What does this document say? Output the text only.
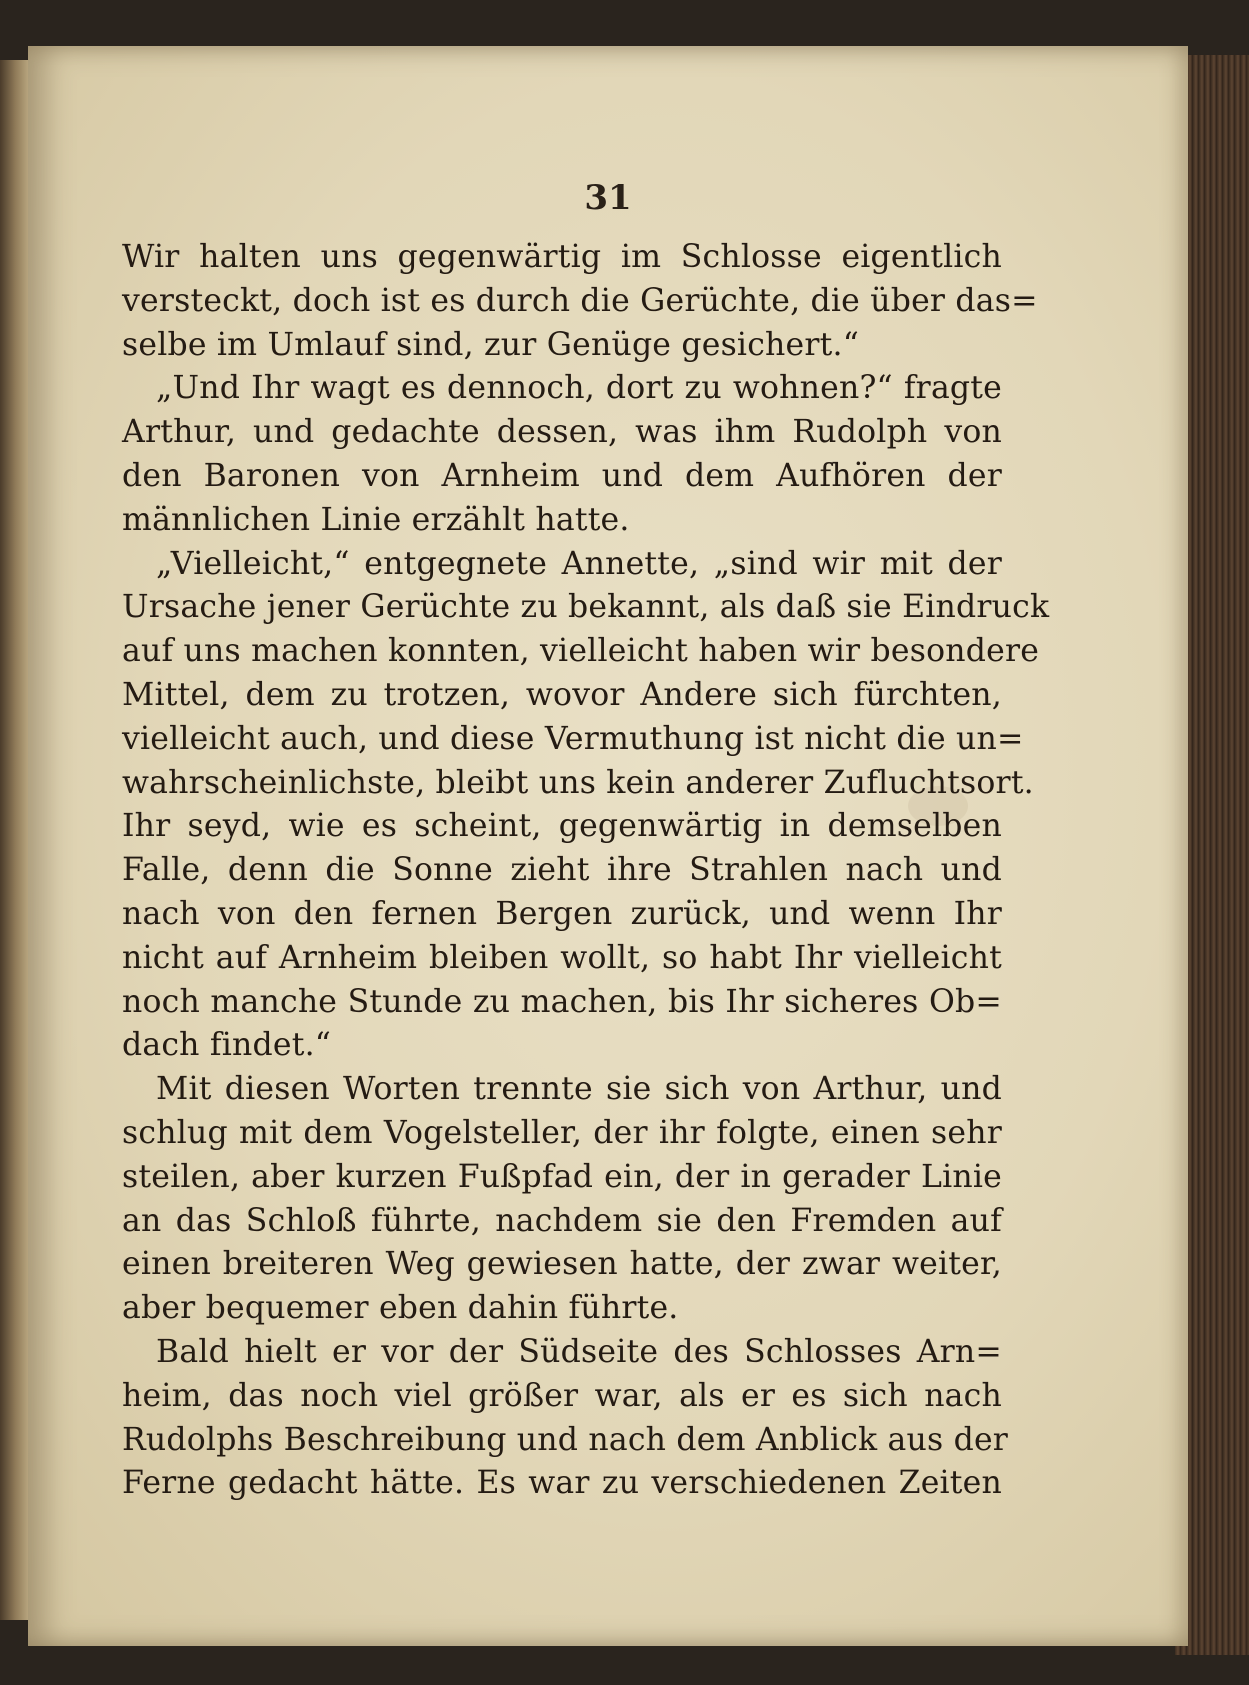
31
Wir halten uns gegenwärtig im Schlosse eigentlich
versteckt, doch ist es durch die Gerüchte, die über das=
selbe im Umlauf sind, zur Genüge gesichert.“
„Und Ihr wagt es dennoch, dort zu wohnen?“ fragte
Arthur, und gedachte dessen, was ihm Rudolph von
den Baronen von Arnheim und dem Aufhören der
männlichen Linie erzählt hatte.
„Vielleicht,“ entgegnete Annette, „sind wir mit der
Ursache jener Gerüchte zu bekannt, als daß sie Eindruck
auf uns machen konnten, vielleicht haben wir besondere
Mittel, dem zu trotzen, wovor Andere sich fürchten,
vielleicht auch, und diese Vermuthung ist nicht die un=
wahrscheinlichste, bleibt uns kein anderer Zufluchtsort.
Ihr seyd, wie es scheint, gegenwärtig in demselben
Falle, denn die Sonne zieht ihre Strahlen nach und
nach von den fernen Bergen zurück, und wenn Ihr
nicht auf Arnheim bleiben wollt, so habt Ihr vielleicht
noch manche Stunde zu machen, bis Ihr sicheres Ob=
dach findet.“
Mit diesen Worten trennte sie sich von Arthur, und
schlug mit dem Vogelsteller, der ihr folgte, einen sehr
steilen, aber kurzen Fußpfad ein, der in gerader Linie
an das Schloß führte, nachdem sie den Fremden auf
einen breiteren Weg gewiesen hatte, der zwar weiter,
aber bequemer eben dahin führte.
Bald hielt er vor der Südseite des Schlosses Arn=
heim, das noch viel größer war, als er es sich nach
Rudolphs Beschreibung und nach dem Anblick aus der
Ferne gedacht hätte. Es war zu verschiedenen Zeiten
